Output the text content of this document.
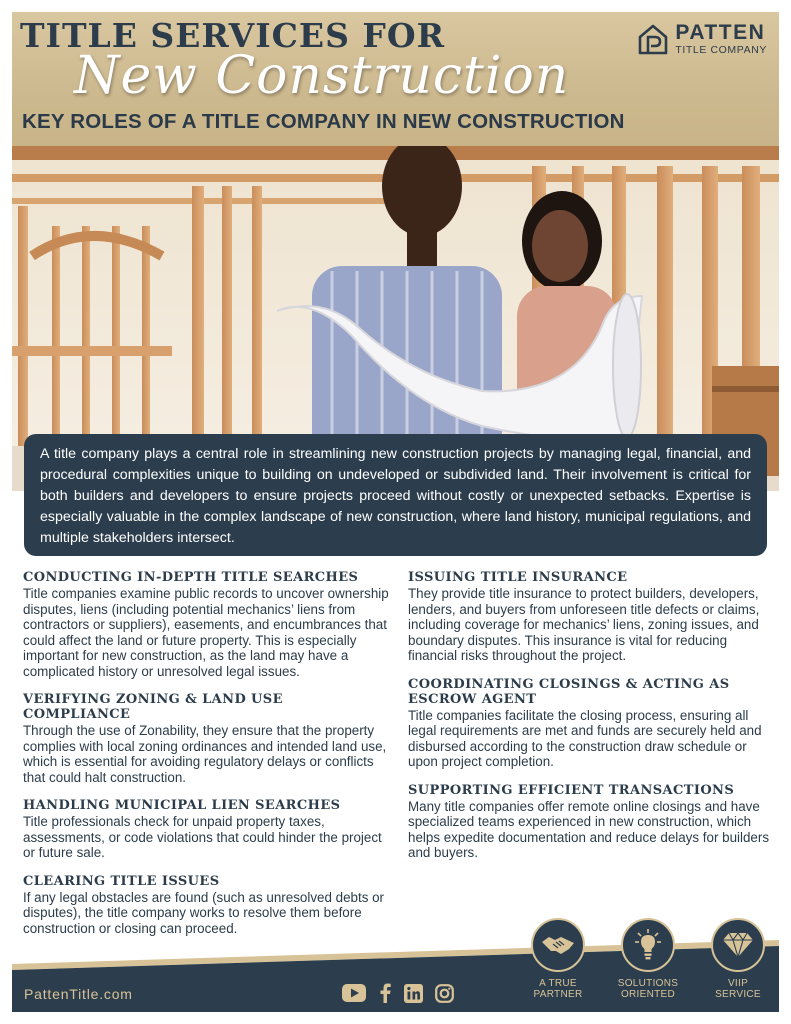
TITLE SERVICES FOR
New Construction
KEY ROLES OF A TITLE COMPANY IN NEW CONSTRUCTION
PATTEN
TITLE COMPANY

A title company plays a central role in streamlining new construction projects by managing legal, financial, and procedural complexities unique to building on undeveloped or subdivided land. Their involvement is critical for both builders and developers to ensure projects proceed without costly or unexpected setbacks. Expertise is especially valuable in the complex landscape of new construction, where land history, municipal regulations, and multiple stakeholders intersect.

CONDUCTING IN-DEPTH TITLE SEARCHES
Title companies examine public records to uncover ownership disputes, liens (including potential mechanics’ liens from contractors or suppliers), easements, and encumbrances that could affect the land or future property. This is especially important for new construction, as the land may have a complicated history or unresolved legal issues.
VERIFYING ZONING & LAND USE COMPLIANCE
Through the use of Zonability, they ensure that the property complies with local zoning ordinances and intended land use, which is essential for avoiding regulatory delays or conflicts that could halt construction.
HANDLING MUNICIPAL LIEN SEARCHES
Title professionals check for unpaid property taxes, assessments, or code violations that could hinder the project or future sale.
CLEARING TITLE ISSUES
If any legal obstacles are found (such as unresolved debts or disputes), the title company works to resolve them before construction or closing can proceed.
ISSUING TITLE INSURANCE
They provide title insurance to protect builders, developers, lenders, and buyers from unforeseen title defects or claims, including coverage for mechanics’ liens, zoning issues, and boundary disputes. This insurance is vital for reducing financial risks throughout the project.
COORDINATING CLOSINGS & ACTING AS ESCROW AGENT
Title companies facilitate the closing process, ensuring all legal requirements are met and funds are securely held and disbursed according to the construction draw schedule or upon project completion.
SUPPORTING EFFICIENT TRANSACTIONS
Many title companies offer remote online closings and have specialized teams experienced in new construction, which helps expedite documentation and reduce delays for builders and buyers.
PattenTitle.com
A TRUE
PARTNER
SOLUTIONS
ORIENTED
VIIP
SERVICE
